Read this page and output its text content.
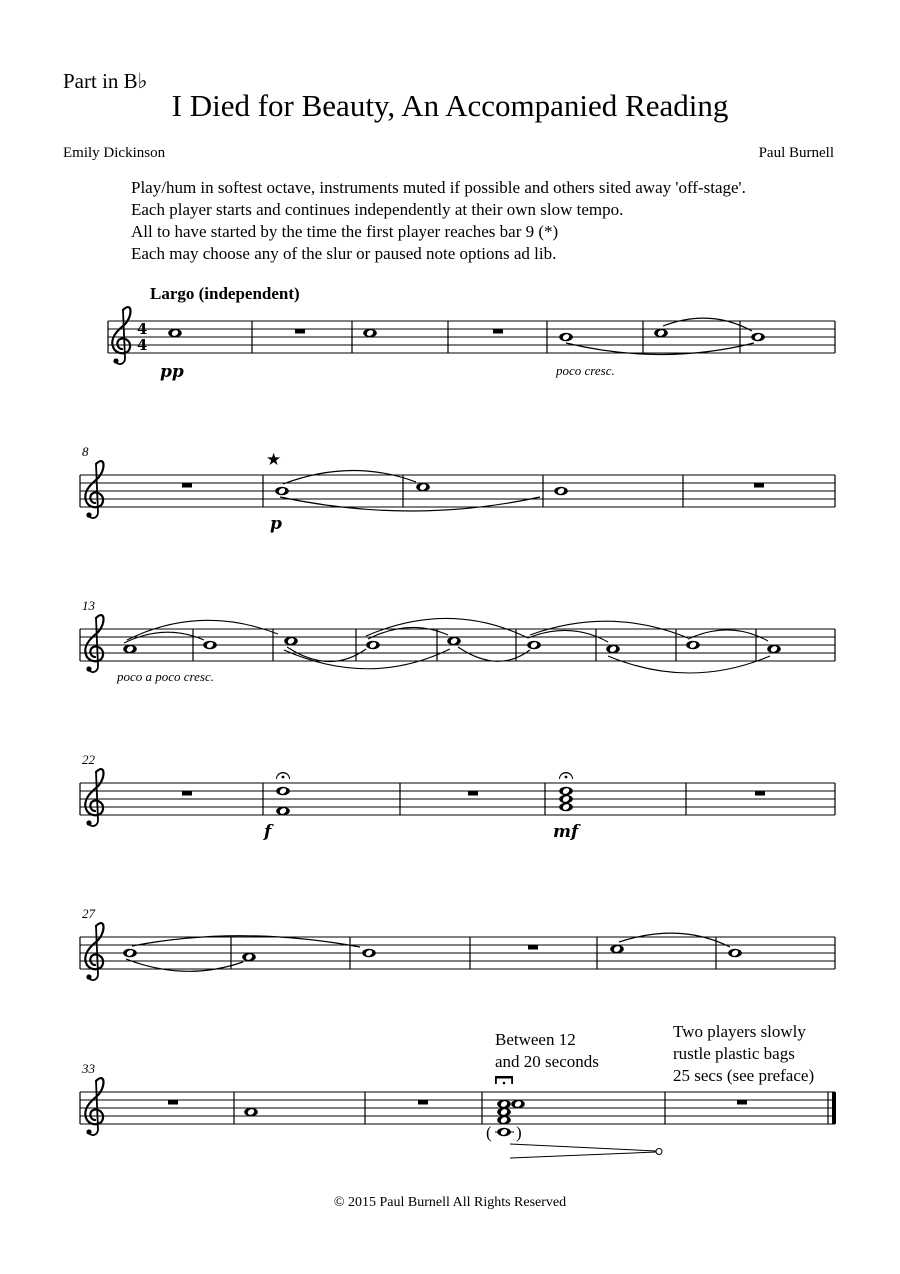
Part in B♭
I Died for Beauty, An Accompanied Reading
Emily Dickinson	Paul Burnell
Play/hum in softest octave, instruments muted if possible and others sited away 'off-stage'.
Each player starts and continues independently at their own slow tempo.
All to have started by the time the first player reaches bar 9 (*)
Each may choose any of the slur or paused note options ad lib.
4
4
Largo (independent)
pp	poco cresc.
8	★
p
13
poco a poco cresc.
22
f	mf
27
33
( )
Between 12
and 20 seconds
Two players slowly
rustle plastic bags
25 secs (see preface)
© 2015 Paul Burnell All Rights Reserved
